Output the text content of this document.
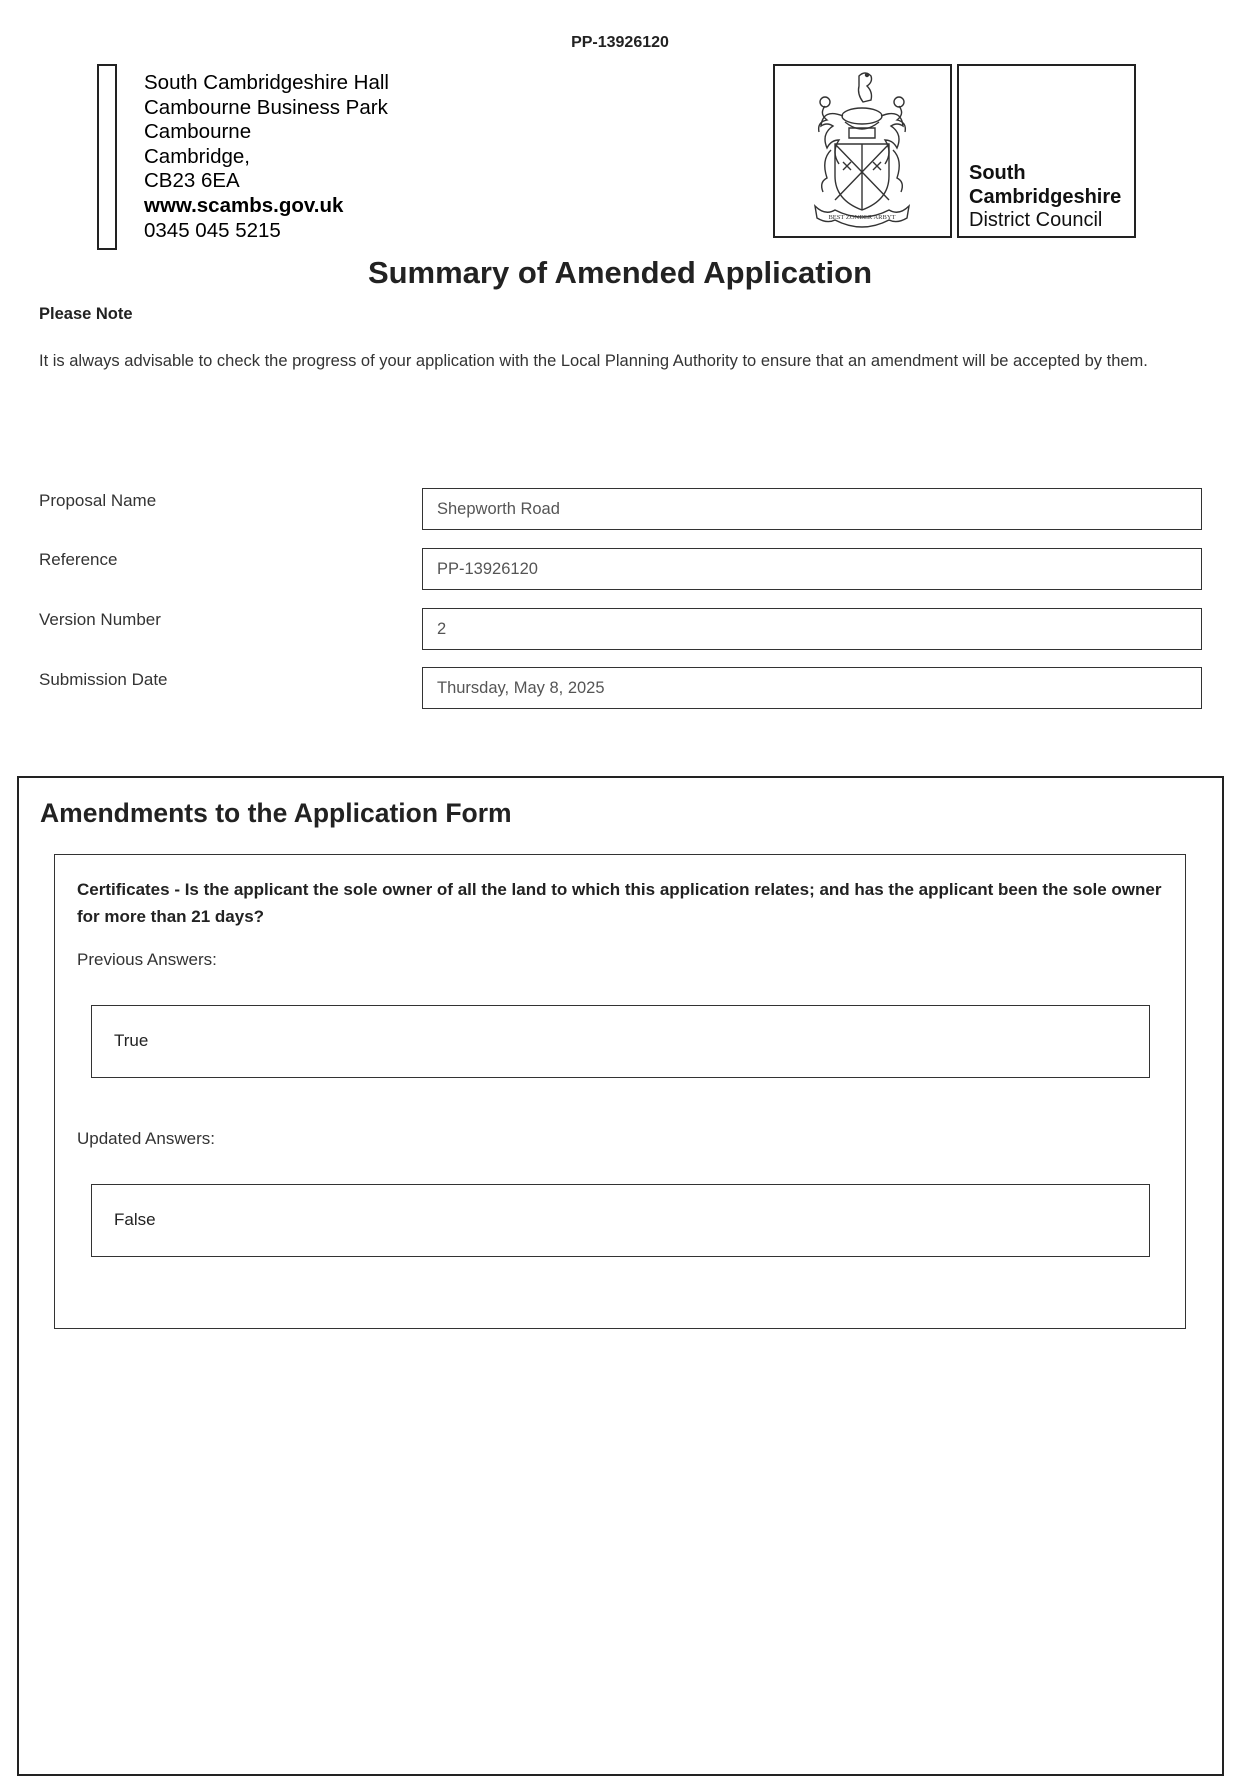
PP-13926120
South Cambridgeshire Hall
Cambourne Business Park
Cambourne
Cambridge,
CB23 6EA
www.scambs.gov.uk
0345 045 5215
BEST ZONDER ARBYT
South
Cambridgeshire
District Council
Summary of Amended Application
Please Note
It is always advisable to check the progress of your application with the Local Planning Authority to ensure that an amendment will be accepted by them.
Proposal Name	Shepworth Road
Reference	PP-13926120
Version Number	2
Submission Date	Thursday, May 8, 2025
Amendments to the Application Form
Certificates - Is the applicant the sole owner of all the land to which this application relates; and has the applicant been the sole owner for more than 21 days?
Previous Answers:
True
Updated Answers:
False
